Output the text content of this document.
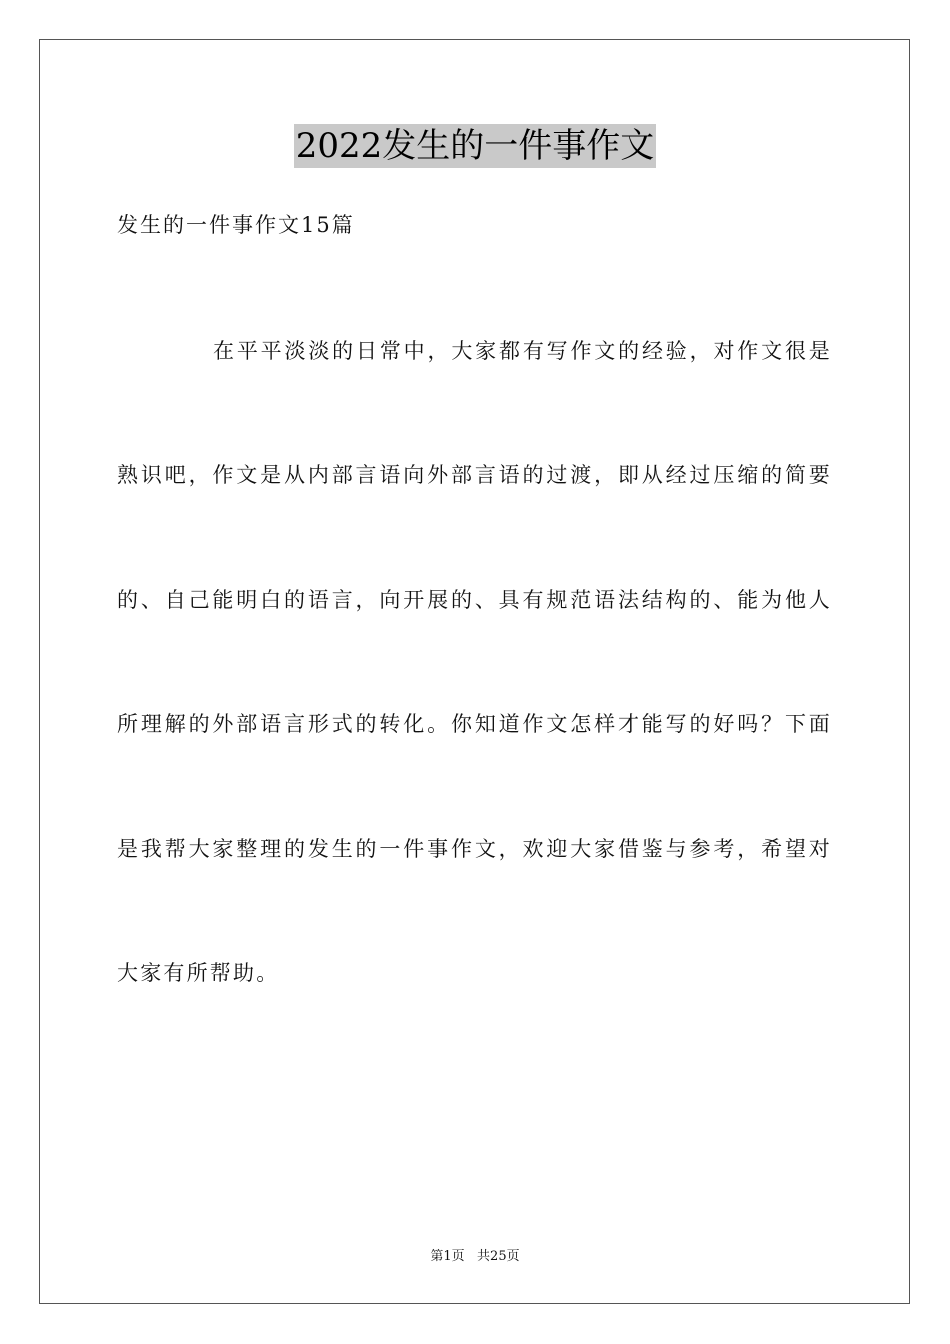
2022发生的一件事作文
发生的一件事作文15篇
在平平淡淡的日常中，大家都有写作文的经验，对作文很是
熟识吧，作文是从内部言语向外部言语的过渡，即从经过压缩的简要
的、自己能明白的语言，向开展的、具有规范语法结构的、能为他人
所理解的外部语言形式的转化。你知道作文怎样才能写的好吗？下面
是我帮大家整理的发生的一件事作文，欢迎大家借鉴与参考，希望对
大家有所帮助。
第1页   共25页
